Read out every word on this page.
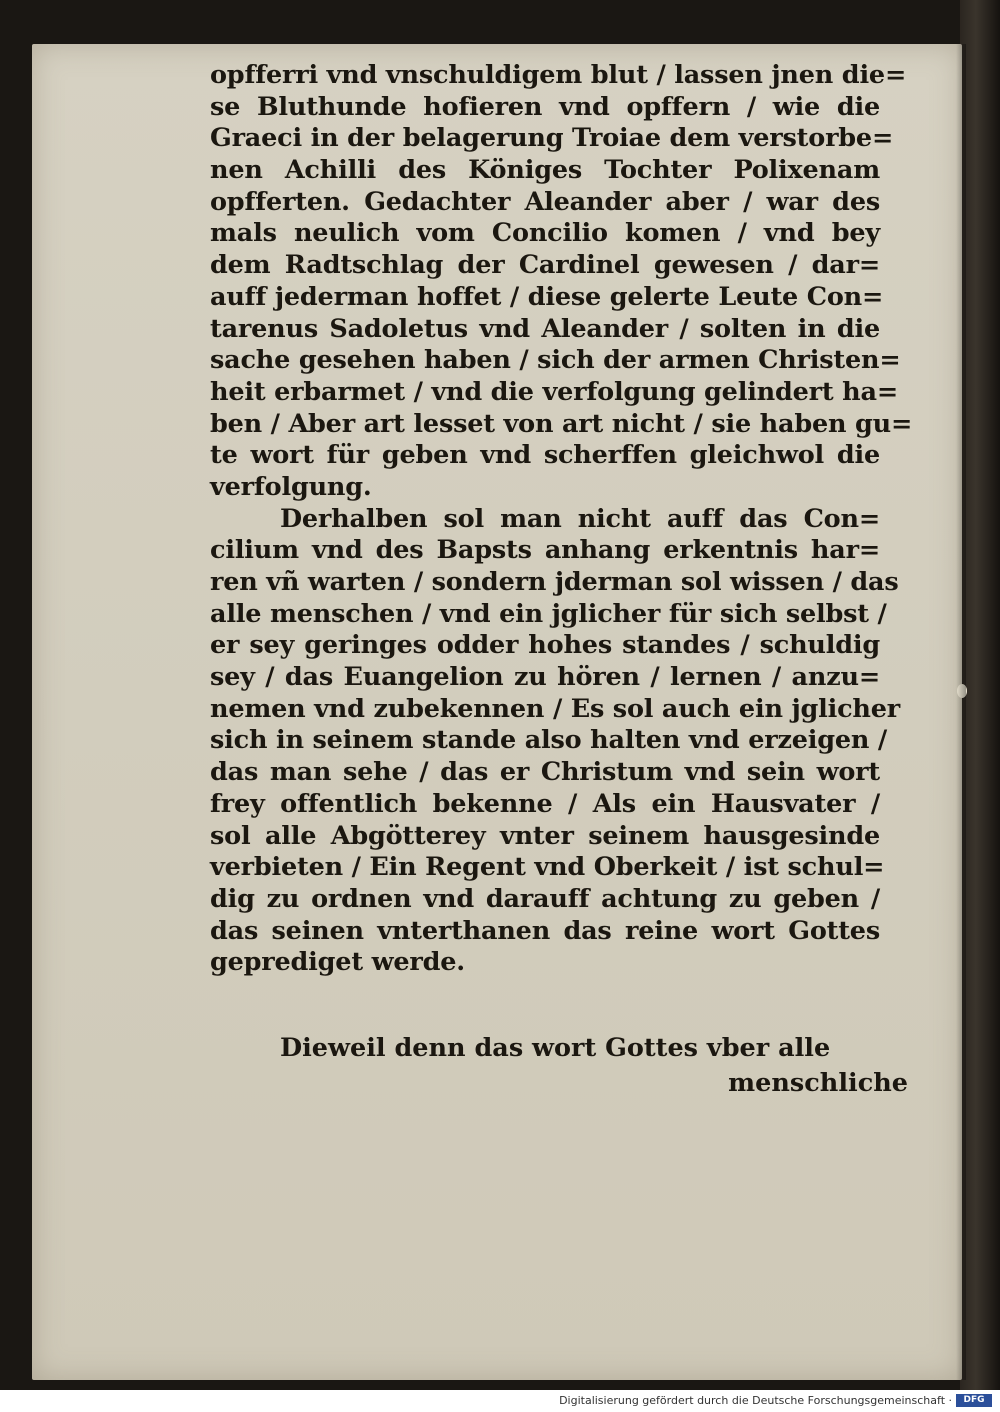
opfferri vnd vnschuldigem blut / lassen jnen die=
se Bluthunde hofieren vnd opffern / wie die
Graeci in der belagerung Troiae dem verstorbe=
nen Achilli des Königes Tochter Polixenam
opfferten. Gedachter Aleander aber / war des
mals neulich vom Concilio komen / vnd bey
dem Radtschlag der Cardinel gewesen / dar=
auff jederman hoffet / diese gelerte Leute Con=
tarenus Sadoletus vnd Aleander / solten in die
sache gesehen haben / sich der armen Christen=
heit erbarmet / vnd die verfolgung gelindert ha=
ben / Aber art lesset von art nicht / sie haben gu=
te wort für geben vnd scherffen gleichwol die
verfolgung.
Derhalben sol man nicht auff das Con=
cilium vnd des Bapsts anhang erkentnis har=
ren vñ warten / sondern jderman sol wissen / das
alle menschen / vnd ein jglicher für sich selbst /
er sey geringes odder hohes standes / schuldig
sey / das Euangelion zu hören / lernen / anzu=
nemen vnd zubekennen / Es sol auch ein jglicher
sich in seinem stande also halten vnd erzeigen /
das man sehe / das er Christum vnd sein wort
frey offentlich bekenne / Als ein Hausvater /
sol alle Abgötterey vnter seinem hausgesinde
verbieten / Ein Regent vnd Oberkeit / ist schul=
dig zu ordnen vnd darauff achtung zu geben /
das seinen vnterthanen das reine wort Gottes
geprediget werde.
Dieweil denn das wort Gottes vber alle
menschliche
Digitalisierung gefördert durch die Deutsche Forschungsgemeinschaft ·	DFG
